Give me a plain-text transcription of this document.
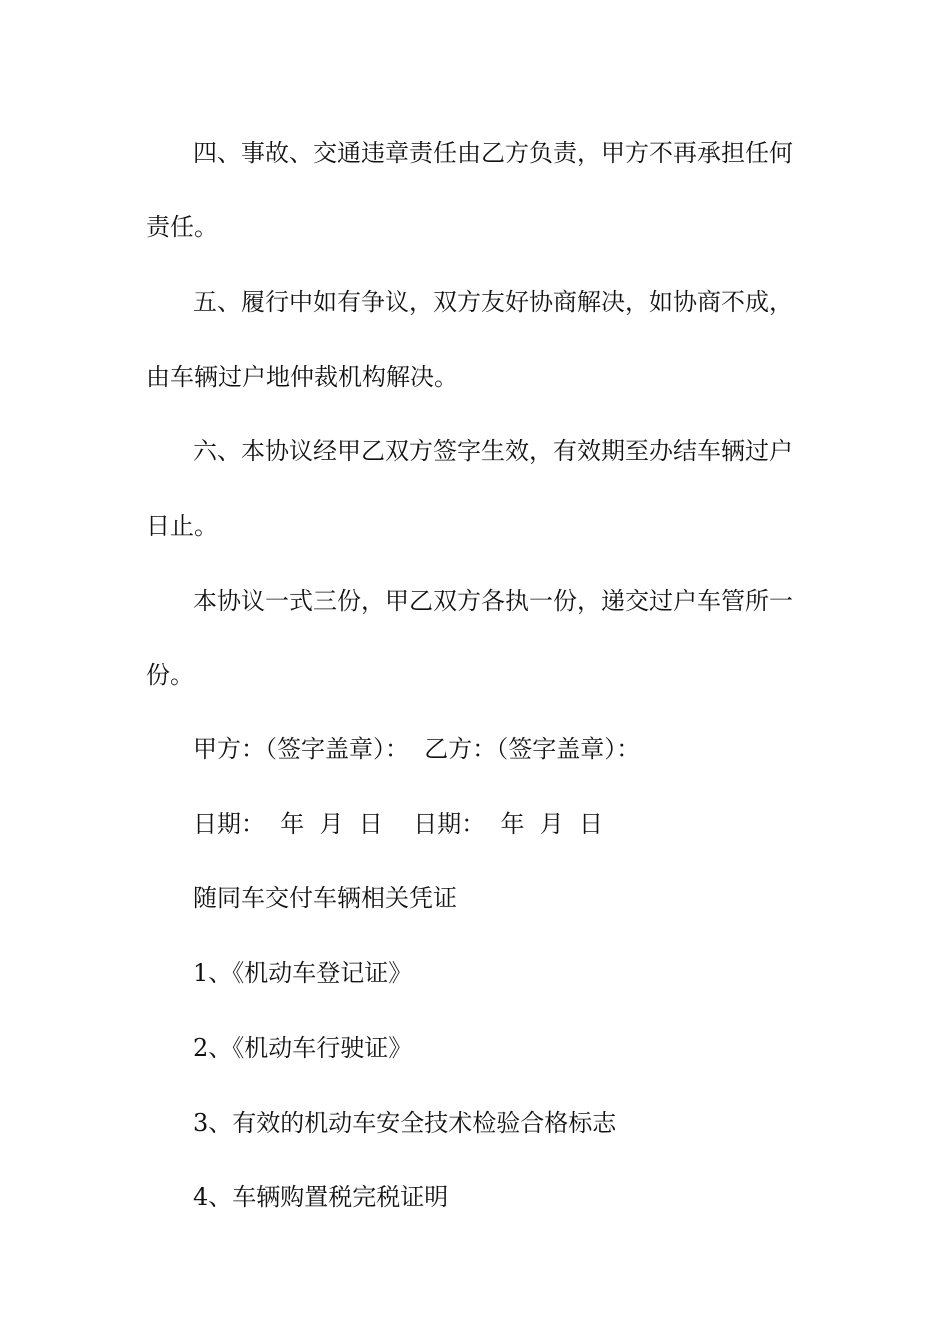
四、事故、交通违章责任由乙方负责，甲方不再承担任何

责任。

五、履行中如有争议，双方友好协商解决，如协商不成，

由车辆过户地仲裁机构解决。

六、本协议经甲乙双方签字生效，有效期至办结车辆过户

日止。

本协议一式三份，甲乙双方各执一份，递交过户车管所一

份。

甲方：（签字盖章）：  乙方：（签字盖章）：

日期：  年  月  日    日期：  年  月  日

随同车交付车辆相关凭证

1、《机动车登记证》

2、《机动车行驶证》

3、有效的机动车安全技术检验合格标志

4、车辆购置税完税证明
